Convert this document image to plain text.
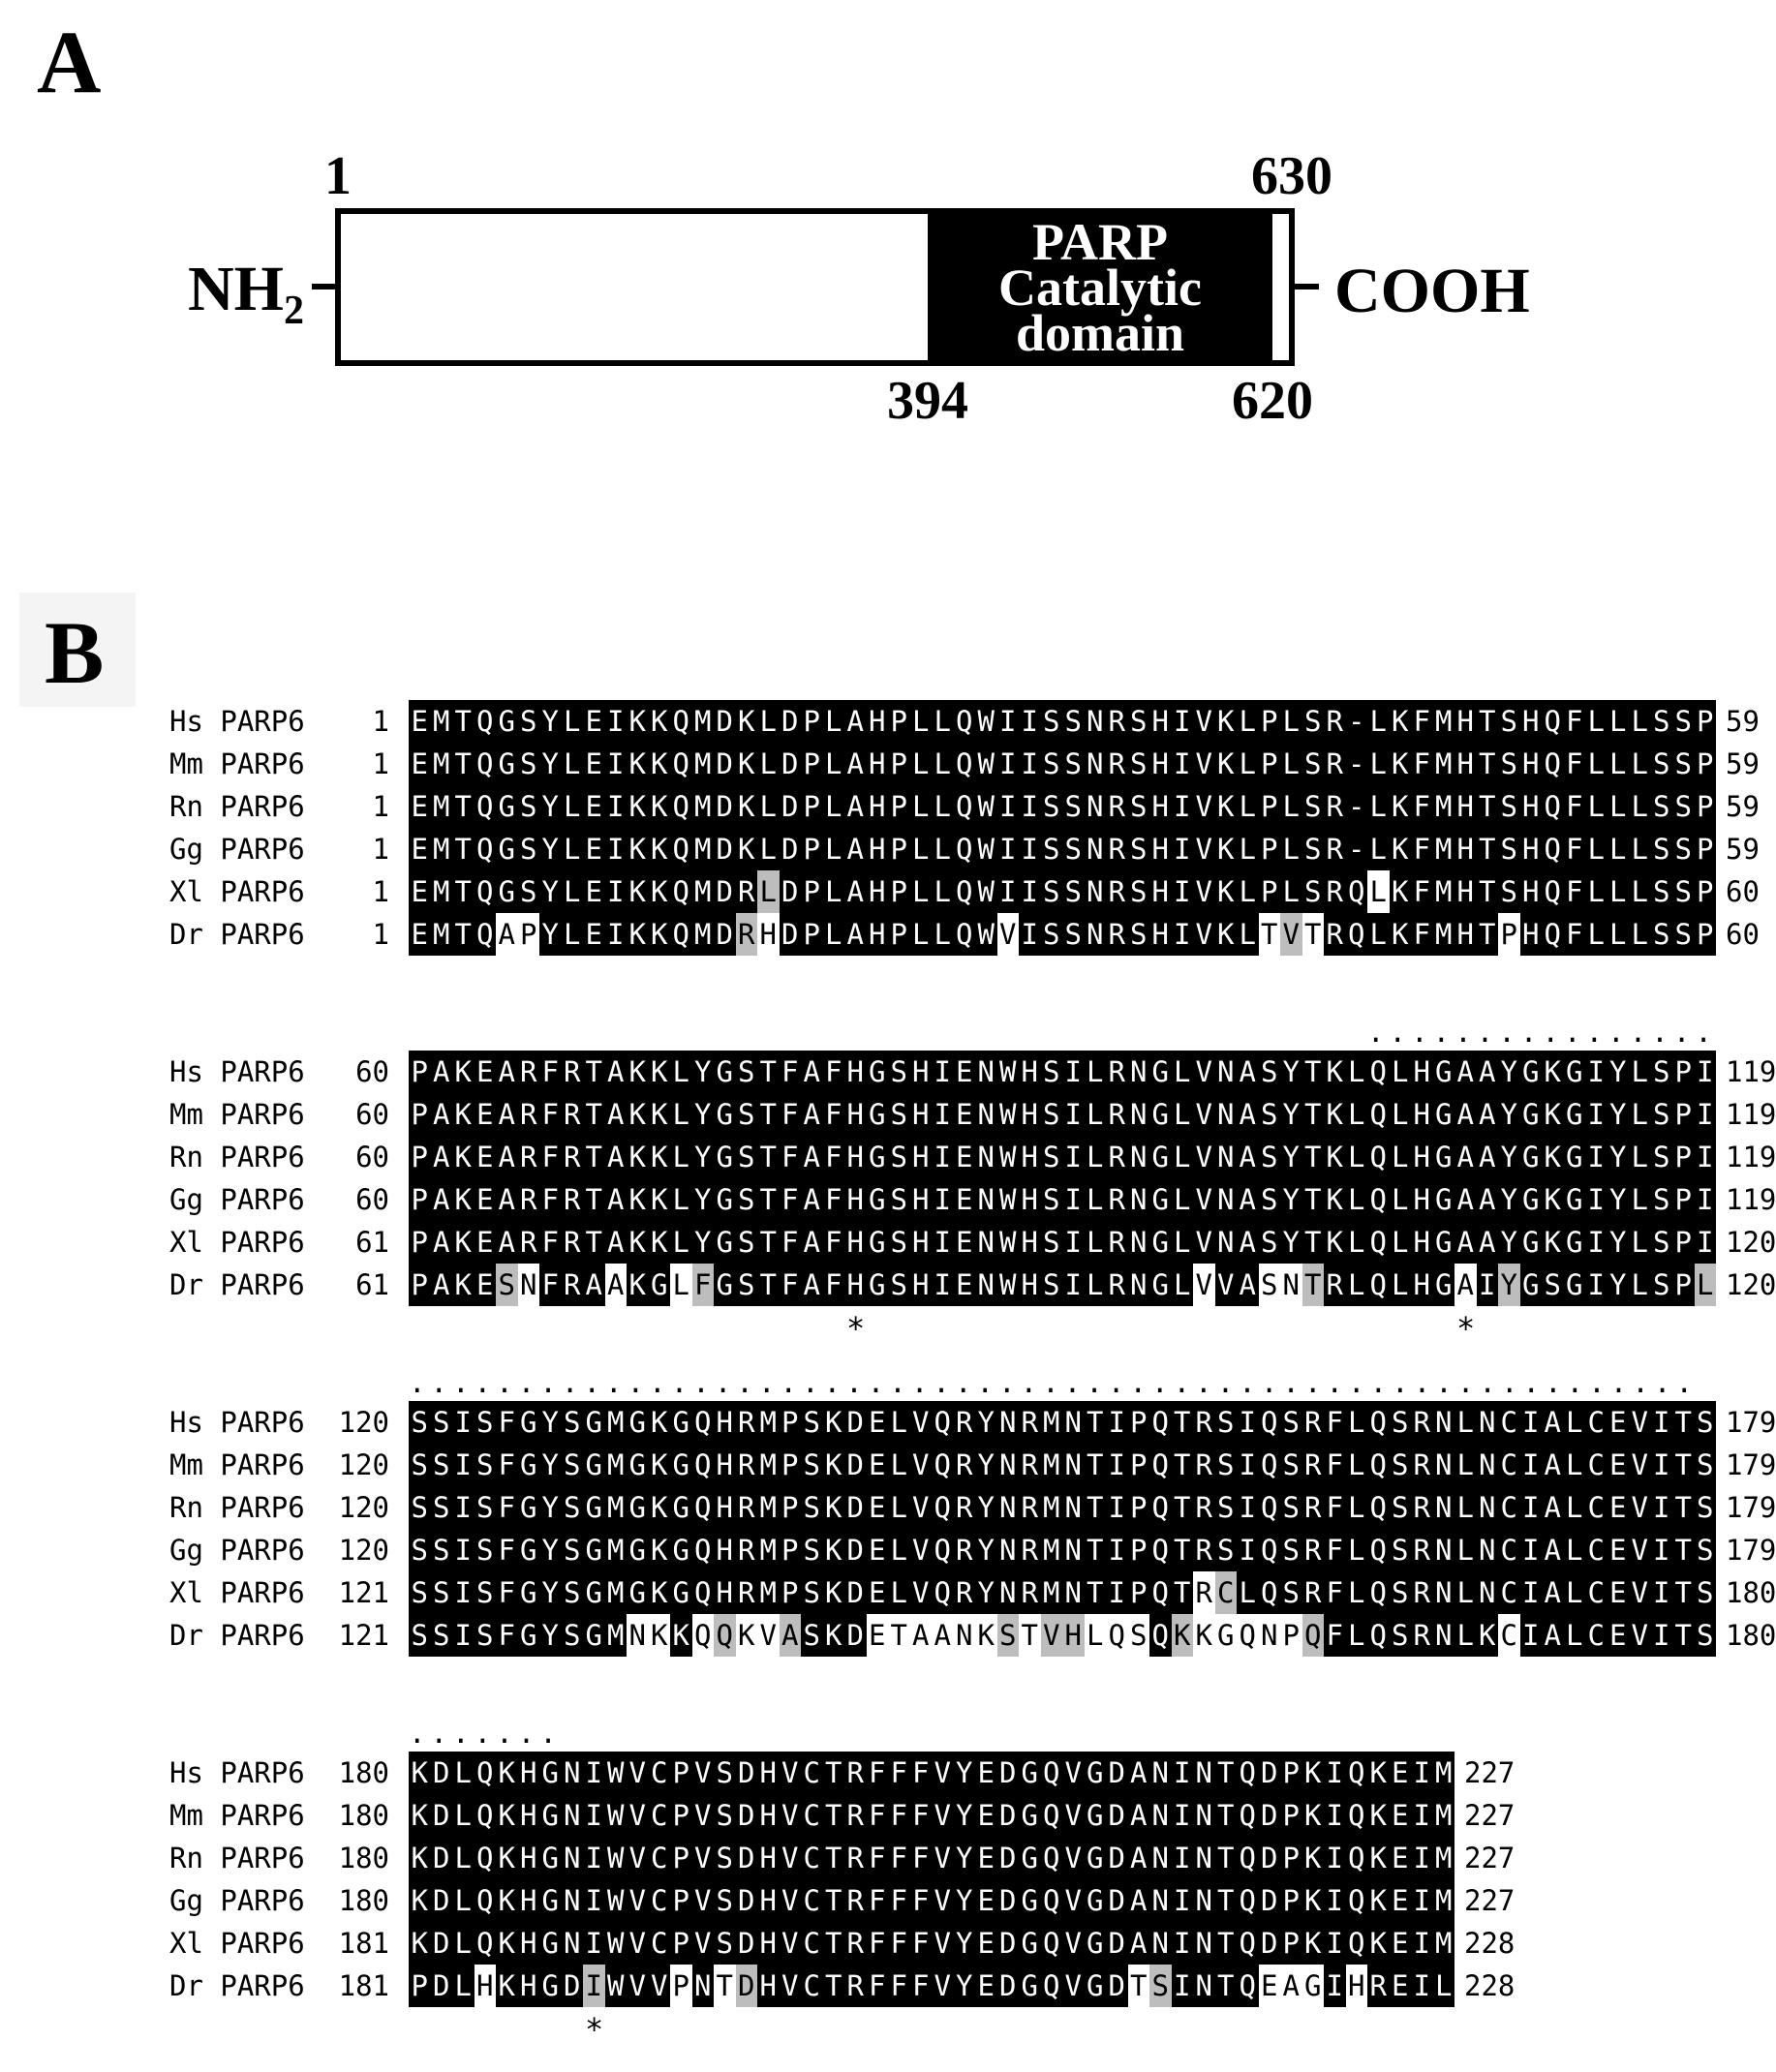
A
1	630
394	620
$NH_2$	COOH
PARP
Catalytic
domain
B
Hs PARP6	1 E M T Q G S Y L E I K K Q M D K L D P L A H P L L Q W I I S S N R S H I V K L P L S R - L K F M H T S H Q F L L L S S P 59
Mm PARP6	1 E M T Q G S Y L E I K K Q M D K L D P L A H P L L Q W I I S S N R S H I V K L P L S R - L K F M H T S H Q F L L L S S P 59
Rn PARP6	1 E M T Q G S Y L E I K K Q M D K L D P L A H P L L Q W I I S S N R S H I V K L P L S R - L K F M H T S H Q F L L L S S P 59
Gg PARP6	1 E M T Q G S Y L E I K K Q M D K L D P L A H P L L Q W I I S S N R S H I V K L P L S R - L K F M H T S H Q F L L L S S P 59
Xl PARP6	1 E M T Q G S Y L E I K K Q M D R L D P L A H P L L Q W I I S S N R S H I V K L P L S R Q L K F M H T S H Q F L L L S S P 60
Dr PARP6	1 E M T Q A P Y L E I K K Q M D R H D P L A H P L L Q W V I S S N R S H I V K L T V T R Q L K F M H T P H Q F L L L S S P 60
................
Hs PARP6	60 P A K E A R F R T A K K L Y G S T F A F H G S H I E N W H S I L R N G L V N A S Y T K L Q L H G A A Y G K G I Y L S P I 119
Mm PARP6	60 P A K E A R F R T A K K L Y G S T F A F H G S H I E N W H S I L R N G L V N A S Y T K L Q L H G A A Y G K G I Y L S P I 119
Rn PARP6	60 P A K E A R F R T A K K L Y G S T F A F H G S H I E N W H S I L R N G L V N A S Y T K L Q L H G A A Y G K G I Y L S P I 119
Gg PARP6	60 P A K E A R F R T A K K L Y G S T F A F H G S H I E N W H S I L R N G L V N A S Y T K L Q L H G A A Y G K G I Y L S P I 119
Xl PARP6	61 P A K E A R F R T A K K L Y G S T F A F H G S H I E N W H S I L R N G L V N A S Y T K L Q L H G A A Y G K G I Y L S P I 120
Dr PARP6	61 P A K E S N F R A A K G L F G S T F A F H G S H I E N W H S I L R N G L V V A S N T R L Q L H G A I Y G S G I Y L S P L 120
*	*
...........................................................
Hs PARP6	120 S S I S F G Y S G M G K G Q H R M P S K D E L V Q R Y N R M N T I P Q T R S I Q S R F L Q S R N L N C I A L C E V I T S 179
Mm PARP6	120 S S I S F G Y S G M G K G Q H R M P S K D E L V Q R Y N R M N T I P Q T R S I Q S R F L Q S R N L N C I A L C E V I T S 179
Rn PARP6	120 S S I S F G Y S G M G K G Q H R M P S K D E L V Q R Y N R M N T I P Q T R S I Q S R F L Q S R N L N C I A L C E V I T S 179
Gg PARP6	120 S S I S F G Y S G M G K G Q H R M P S K D E L V Q R Y N R M N T I P Q T R S I Q S R F L Q S R N L N C I A L C E V I T S 179
Xl PARP6	121 S S I S F G Y S G M G K G Q H R M P S K D E L V Q R Y N R M N T I P Q T R C L Q S R F L Q S R N L N C I A L C E V I T S 180
Dr PARP6	121 S S I S F G Y S G M N K K Q Q K V A S K D E T A A N K S T V H L Q S Q K K G Q N P Q F L Q S R N L K C I A L C E V I T S 180
.......
Hs PARP6	180 K D L Q K H G N I W V C P V S D H V C T R F F F V Y E D G Q V G D A N I N T Q D P K I Q K E I M 227
Mm PARP6	180 K D L Q K H G N I W V C P V S D H V C T R F F F V Y E D G Q V G D A N I N T Q D P K I Q K E I M 227
Rn PARP6	180 K D L Q K H G N I W V C P V S D H V C T R F F F V Y E D G Q V G D A N I N T Q D P K I Q K E I M 227
Gg PARP6	180 K D L Q K H G N I W V C P V S D H V C T R F F F V Y E D G Q V G D A N I N T Q D P K I Q K E I M 227
Xl PARP6	181 K D L Q K H G N I W V C P V S D H V C T R F F F V Y E D G Q V G D A N I N T Q D P K I Q K E I M 228
Dr PARP6	181 P D L H K H G D I W V V P N T D H V C T R F F F V Y E D G Q V G D T S I N T Q E A G I H R E I L 228
*
